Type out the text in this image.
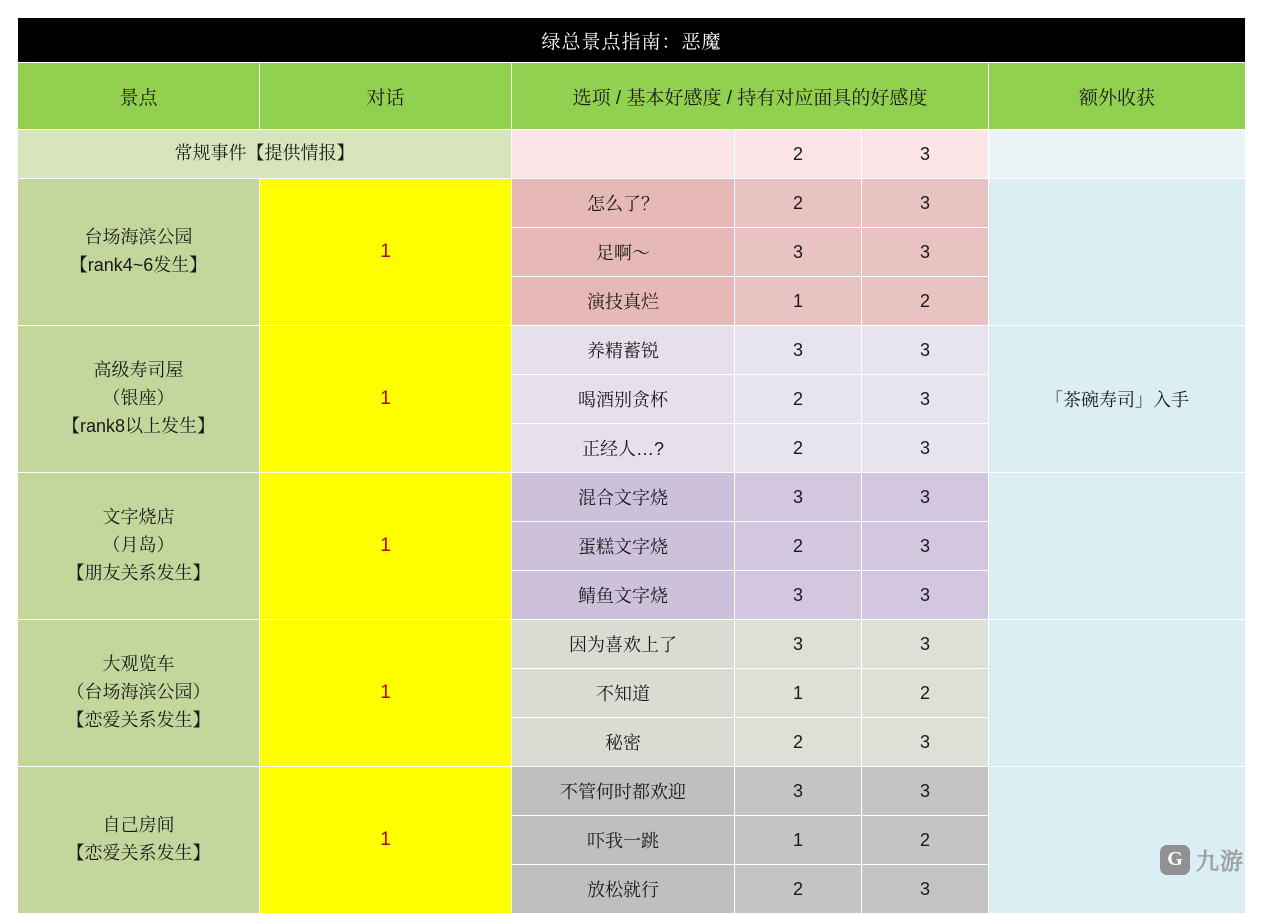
绿总景点指南：恶魔					
景点	对话	选项 / 基本好感度 / 持有对应面具的好感度			额外收获
常规事件【提供情报】			2	3	
台场海滨公园
【rank4~6发生】	1	怎么了？	2	3	
		足啊～	3	3	
		演技真烂	1	2	
高级寿司屋
（银座）
【rank8以上发生】	1	养精蓄锐	3	3	「茶碗寿司」入手
		喝酒别贪杯	2	3	
		正经人…?	2	3	
文字烧店
（月岛）
【朋友关系发生】	1	混合文字烧	3	3	
		蛋糕文字烧	2	3	
		鲭鱼文字烧	3	3	
大观览车
（台场海滨公园）
【恋爱关系发生】	1	因为喜欢上了	3	3	
		不知道	1	2	
		秘密	2	3	
自己房间
【恋爱关系发生】	1	不管何时都欢迎	3	3	
		吓我一跳	1	2	
		放松就行	2	3	
G 九游
